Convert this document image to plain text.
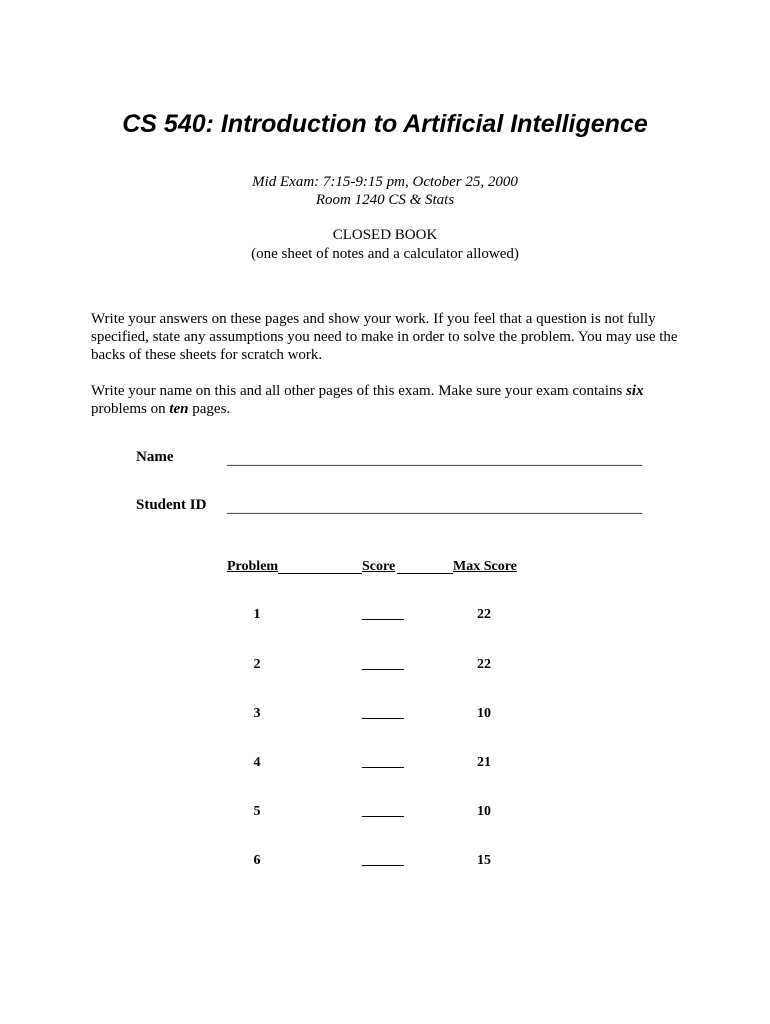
CS 540: Introduction to Artificial Intelligence
Mid Exam: 7:15-9:15 pm, October 25, 2000
Room 1240 CS & Stats
CLOSED BOOK
(one sheet of notes and a calculator allowed)
Write your answers on these pages and show your work. If you feel that a question is not fully specified, state any assumptions you need to make in order to solve the problem. You may use the backs of these sheets for scratch work.
Write your name on this and all other pages of this exam. Make sure your exam contains six problems on ten pages.
Name	_______________________________________________________
Student ID _______________________________________________________
Problem	Score	Max Score
1	______	22
2	______	22
3	______	10
4	______	21
5	______	10
6	______	15
